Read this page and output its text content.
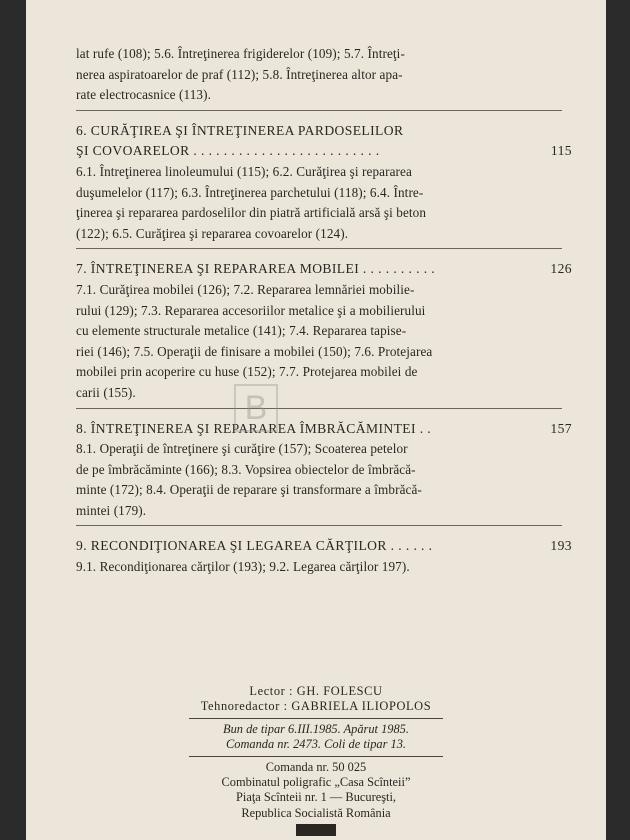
lat rufe (108); 5.6. Întreţinerea frigiderelor (109); 5.7. Întreţi-
nerea aspiratoarelor de praf (112); 5.8. Întreţinerea altor apa-
rate electrocasnice (113).
6. CURĂŢIREA ŞI ÎNTREŢINEREA PARDOSELILOR
ŞI COVOARELOR . . . . . . . . . . . . . . . . . . . . . . . . .	115
6.1. Întreţinerea linoleumului (115); 6.2. Curăţirea şi repararea
duşumelelor (117); 6.3. Întreţinerea parchetului (118); 6.4. Între-
ţinerea şi repararea pardoselilor din piatră artificială arsă şi beton
(122); 6.5. Curăţirea şi repararea covoarelor (124).
7. ÎNTREŢINEREA ŞI REPARAREA MOBILEI . . . . . . . . . .	126
7.1. Curăţirea mobilei (126); 7.2. Repararea lemnăriei mobilie-
rului (129); 7.3. Repararea accesoriilor metalice şi a mobilierului
cu elemente structurale metalice (141); 7.4. Repararea tapise-
riei (146); 7.5. Operaţii de finisare a mobilei (150); 7.6. Protejarea
mobilei prin acoperire cu huse (152); 7.7. Protejarea mobilei de
carii (155).
8. ÎNTREŢINEREA ŞI REPARAREA ÎMBRĂCĂMINTEI . .	157
8.1. Operaţii de întreţinere şi curăţire (157); Scoaterea petelor
de pe îmbrăcăminte (166); 8.3. Vopsirea obiectelor de îmbrăcă-
minte (172); 8.4. Operaţii de reparare şi transformare a îmbrăcă-
mintei (179).
9. RECONDIŢIONAREA ŞI LEGAREA CĂRŢILOR . . . . . .	193
9.1. Recondiţionarea cărţilor (193); 9.2. Legarea cărţilor 197).
B
Lector : GH. FOLESCU
Tehnoredactor : GABRIELA ILIOPOLOS
Bun de tipar 6.III.1985. Apărut 1985.
Comanda nr. 2473. Coli de tipar 13.
Comanda nr. 50 025
Combinatul poligrafic „Casa Scînteii”
Piaţa Scînteii nr. 1 — Bucureşti,
Republica Socialistă România
